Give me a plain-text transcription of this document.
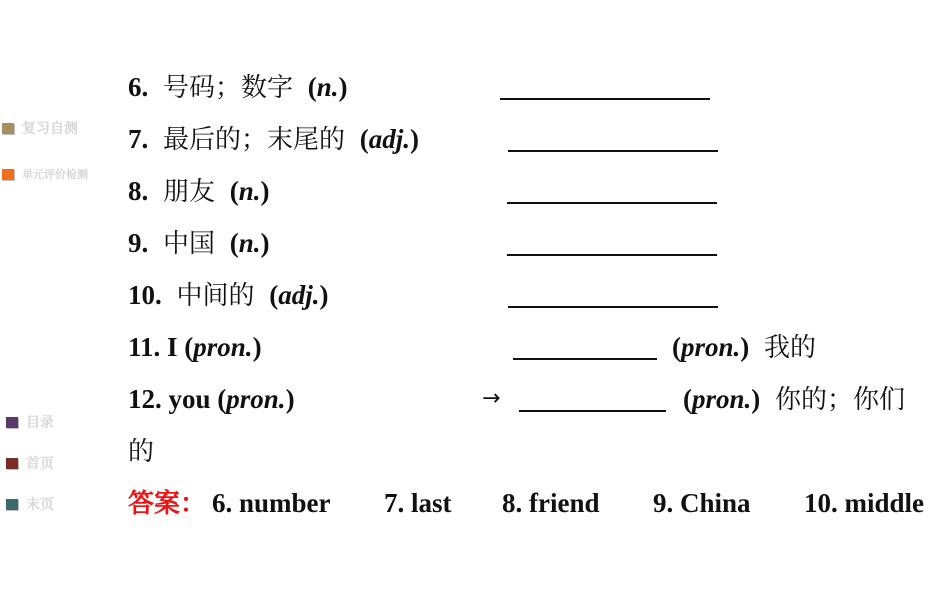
复习自测
单元评价检测
目录
首页
末页
6. 号码；数字 (n.)
7. 最后的；末尾的 (adj.)
8. 朋友 (n.)
9. 中国 (n.)
10. 中间的 (adj.)
11. I (pron.)	(pron.) 我的
12. you (pron.)	→	(pron.) 你的；你们
的
答案： 6. number 7. last 8. friend 9. China 10. middle
